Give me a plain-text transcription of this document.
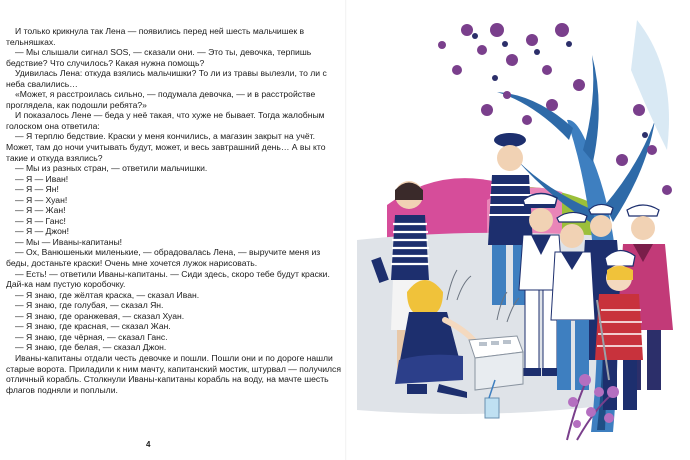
И только крикнула так Лена — появились перед ней шесть мальчишек в тельняшках.

— Мы слышали сигнал SOS, — сказали они. — Это ты, девочка, терпишь бедствие? Что случилось? Какая нужна помощь?

Удивилась Лена: откуда взялись мальчишки? То ли из травы вылезли, то ли с неба свалились…

«Может, я расстроилась сильно, — подумала девочка, — и в расстройстве проглядела, как подошли ребята?»

И показалось Лене — беда у неё такая, что хуже не бывает. Тогда жалобным голоском она ответила:

— Я терплю бедствие. Краски у меня кончились, а магазин закрыт на учёт. Может, там до ночи учитывать будут, может, и весь завтрашний день… А вы кто такие и откуда взялись?

— Мы из разных стран, — ответили мальчишки.

— Я — Иван!

— Я — Ян!

— Я — Хуан!

— Я — Жан!

— Я — Ганс!

— Я — Джон!

— Мы — Иваны-капитаны!

— Ох, Ванюшеньки миленькие, — обрадовалась Лена, — выручите меня из беды, достаньте краски! Очень мне хочется лужок нарисовать.

— Есть! — ответили Иваны-капитаны. — Сиди здесь, скоро тебе будут краски. Дай-ка нам пустую коробочку.

— Я знаю, где жёлтая краска, — сказал Иван.

— Я знаю, где голубая, — сказал Ян.

— Я знаю, где оранжевая, — сказал Хуан.

— Я знаю, где красная, — сказал Жан.

— Я знаю, где чёрная, — сказал Ганс.

— Я знаю, где белая, — сказал Джон.

Иваны-капитаны отдали честь девочке и пошли. Пошли они и по дороге нашли старые ворота. Приладили к ним мачту, капитанский мостик, штурвал — получился отличный корабль. Столкнули Иваны-капитаны корабль на воду, на мачте шесть флагов подняли и поплыли.

4
